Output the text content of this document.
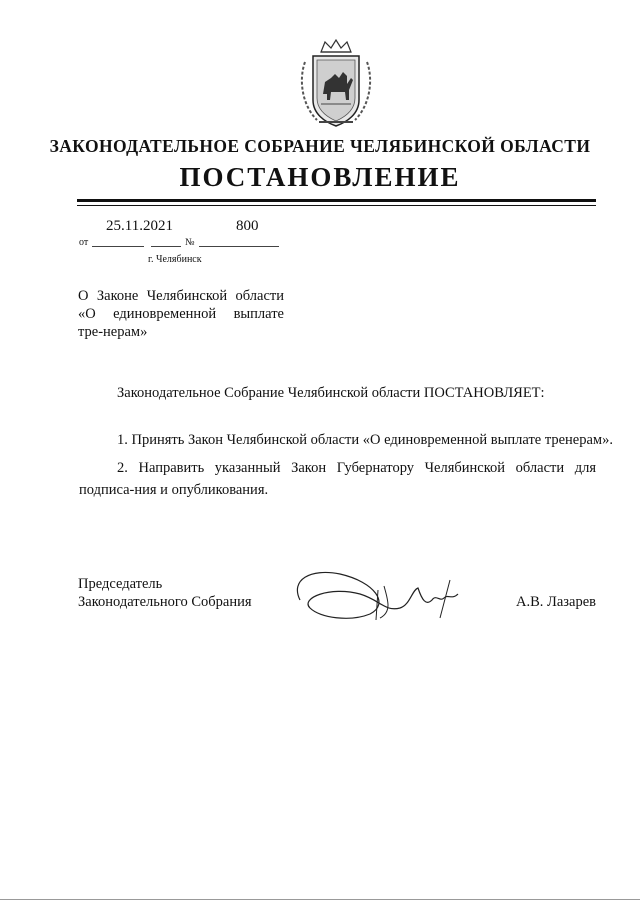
ЗАКОНОДАТЕЛЬНОЕ СОБРАНИЕ ЧЕЛЯБИНСКОЙ ОБЛАСТИ
ПОСТАНОВЛЕНИЕ
25.11.2021	800
от	№
г. Челябинск
О Законе Челябинской области «О единовременной выплате тре-нерам»
Законодательное Собрание Челябинской области ПОСТАНОВЛЯЕТ:
1. Принять Закон Челябинской области «О единовременной выплате тренерам».
2. Направить указанный Закон Губернатору Челябинской области для подписа-ния и опубликования.
Председатель
Законодательного Собрания	А.В. Лазарев
